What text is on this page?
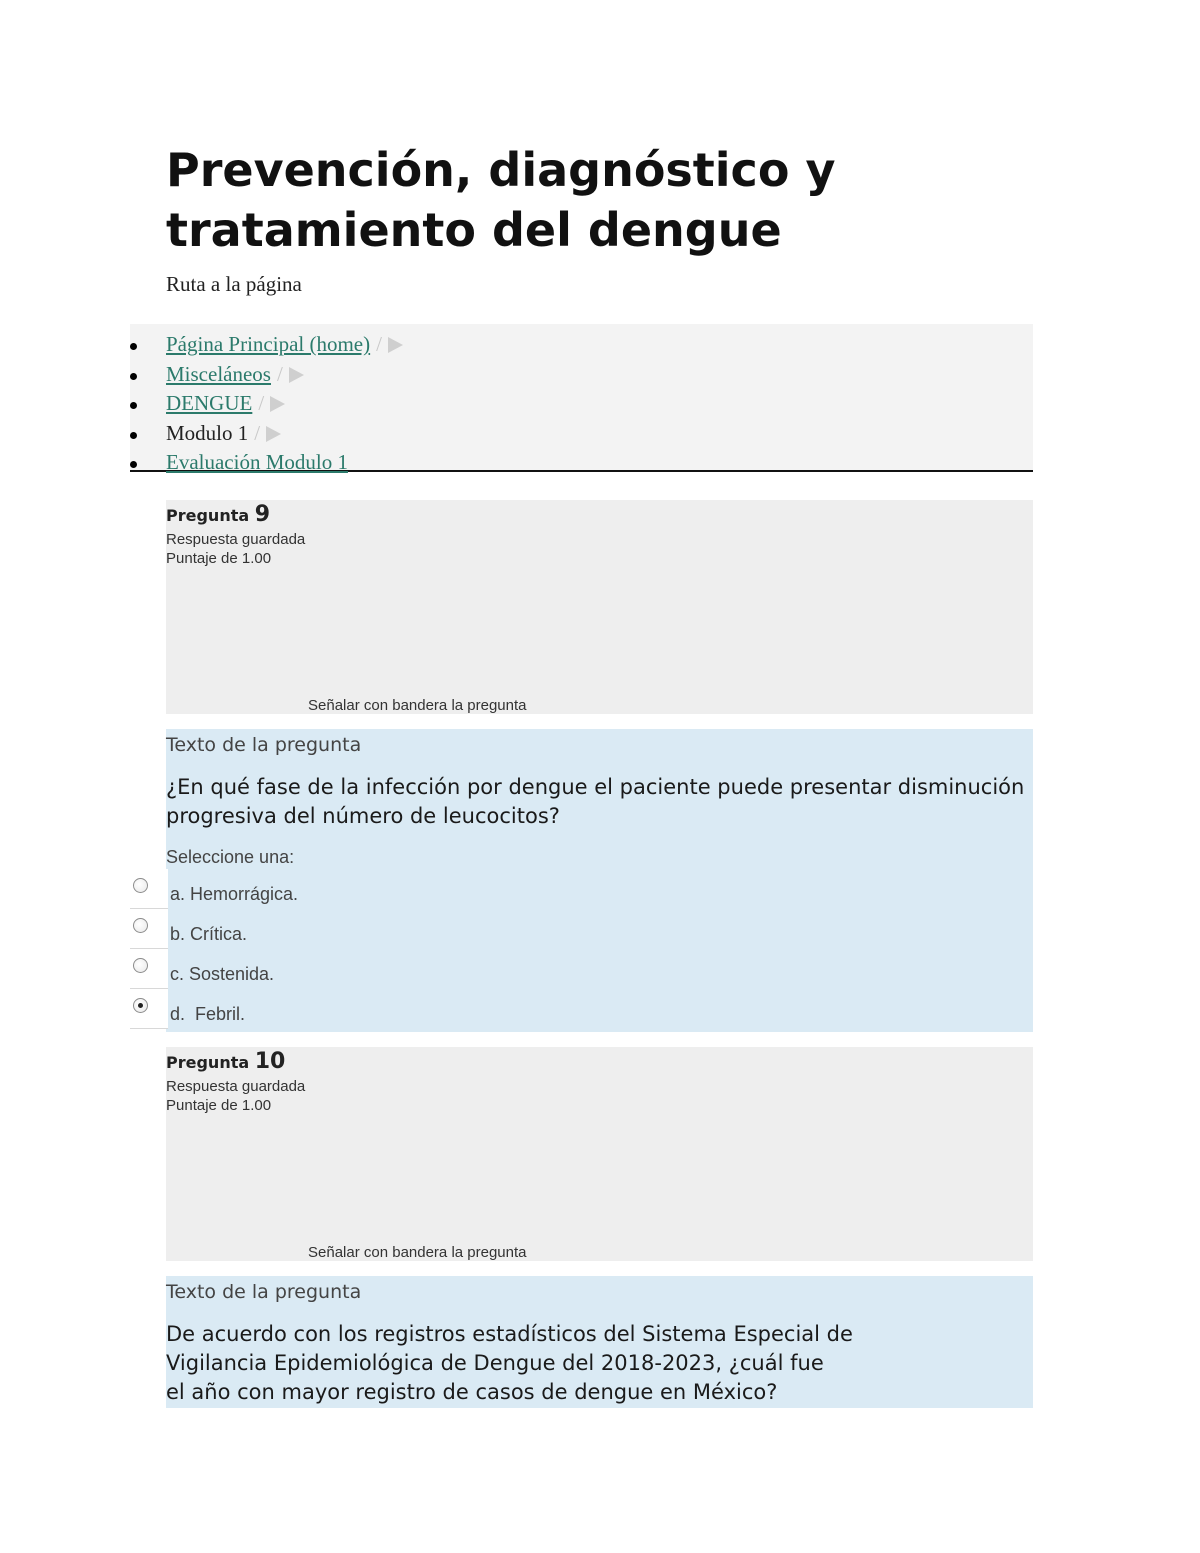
Prevención, diagnóstico y tratamiento del dengue
Ruta a la página
Página Principal (home) /
Misceláneos /
DENGUE /
Modulo 1 /
Evaluación Modulo 1
Pregunta 9
Respuesta guardada
Puntaje de 1.00
Señalar con bandera la pregunta
Texto de la pregunta

¿En qué fase de la infección por dengue el paciente puede presentar disminución progresiva del número de leucocitos?

Seleccione una:
a. Hemorrágica.
b. Crítica.
c. Sostenida.
d.  Febril.
Pregunta 10
Respuesta guardada
Puntaje de 1.00
Señalar con bandera la pregunta
Texto de la pregunta
De acuerdo con los registros estadísticos del Sistema Especial de
Vigilancia Epidemiológica de Dengue del 2018-2023, ¿cuál fue
el año con mayor registro de casos de dengue en México?
